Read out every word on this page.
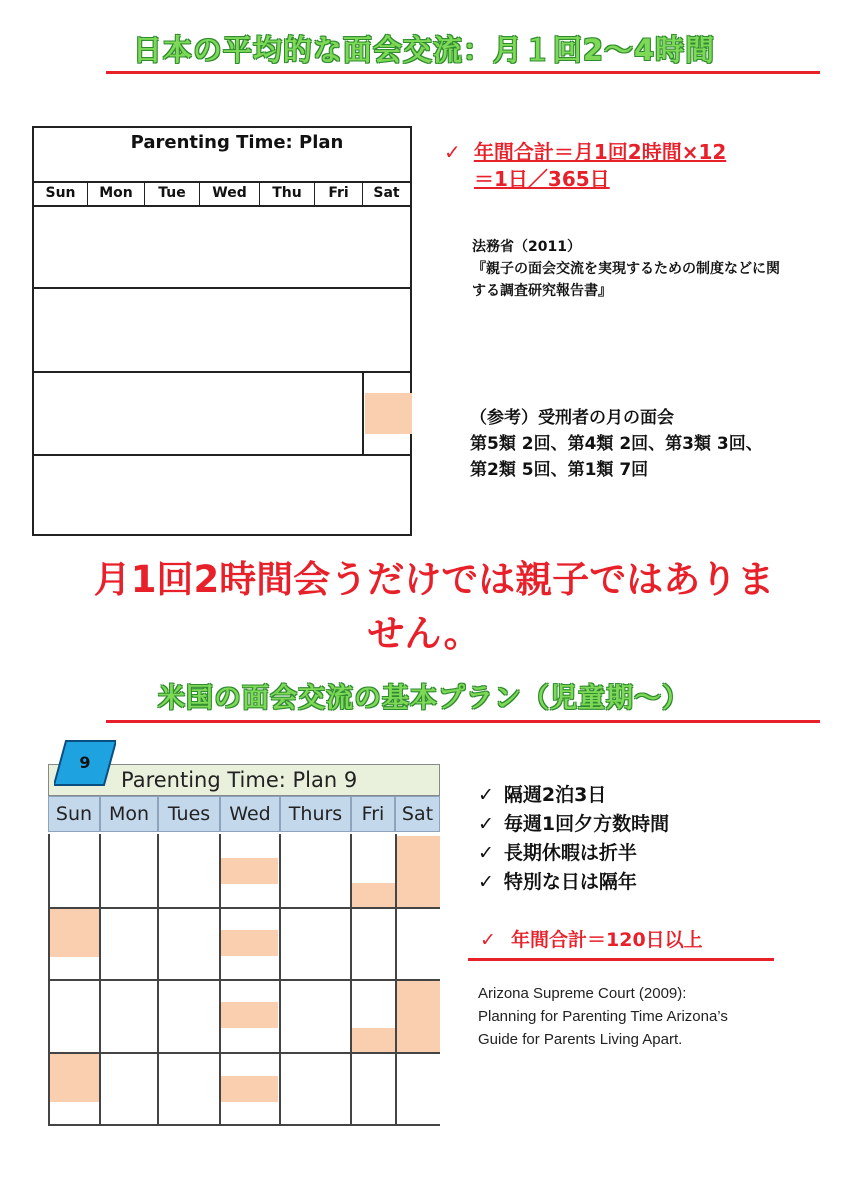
日本の平均的な面会交流：月１回2〜4時間
Parenting Time: Plan
Sun	Mon	Tue	Wed	Thu	Fri	Sat
✓ 年間合計＝月1回2時間×12
＝1日／365日
法務省（2011）
『親子の面会交流を実現するための制度などに関
する調査研究報告書』
（参考）受刑者の月の面会
第5類 2回、第4類 2回、第3類 3回、
第2類 5回、第1類 7回
月1回2時間会うだけでは親子ではありま
せん。
米国の面会交流の基本プラン（児童期〜）
Parenting Time: Plan 9
9
Sun Mon Tues	Wed Thurs	Fri Sat
✓ 隔週2泊3日
✓ 毎週1回夕方数時間
✓ 長期休暇は折半
✓ 特別な日は隔年
✓ 年間合計＝120日以上
Arizona Supreme Court (2009):
Planning for Parenting Time Arizona’s
Guide for Parents Living Apart.
